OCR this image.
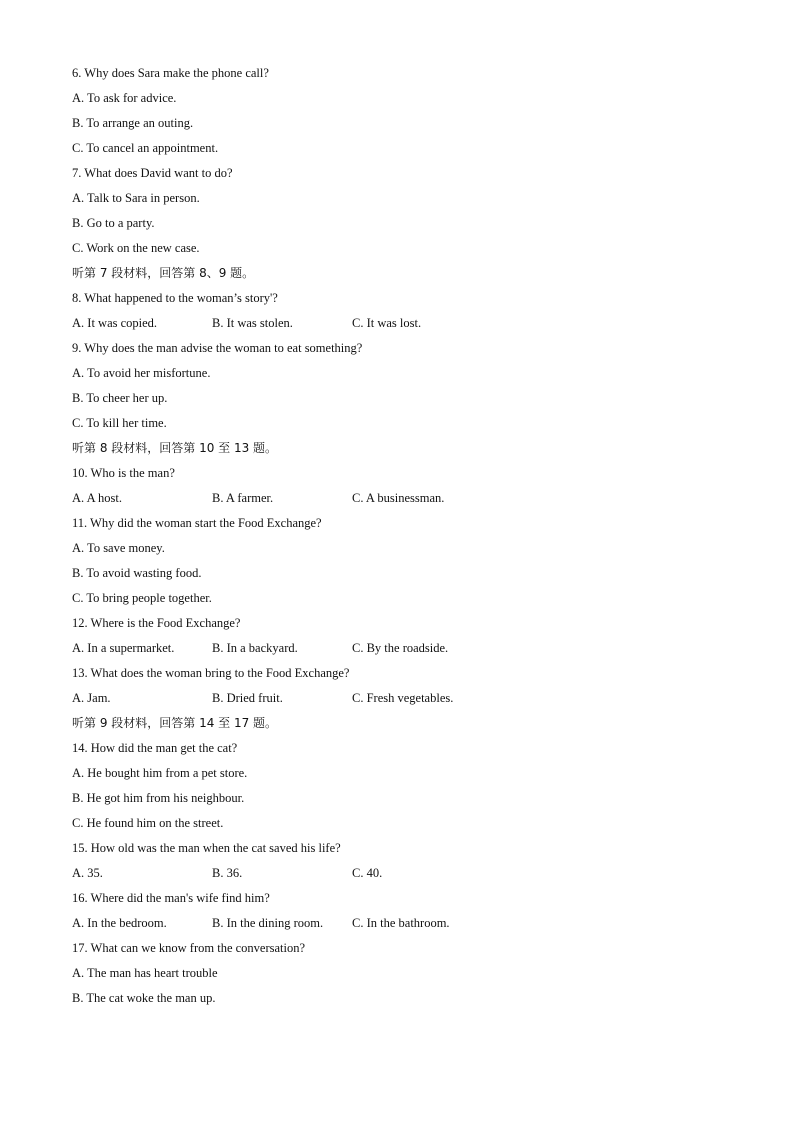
6. Why does Sara make the phone call?
A. To ask for advice.
B. To arrange an outing.
C. To cancel an appointment.
7. What does David want to do?
A. Talk to Sara in person.
B. Go to a party.
C. Work on the new case.
听第 7 段材料，回答第 8、9 题。
8. What happened to the woman’s story'?
A. It was copied.	B. It was stolen.	C. It was lost.
9. Why does the man advise the woman to eat something?
A. To avoid her misfortune.
B. To cheer her up.
C. To kill her time.
听第 8 段材料，回答第 10 至 13 题。
10. Who is the man?
A. A host.	B. A farmer.	C. A businessman.
11. Why did the woman start the Food Exchange?
A. To save money.
B. To avoid wasting food.
C. To bring people together.
12. Where is the Food Exchange?
A. In a supermarket.	B. In a backyard.	C. By the roadside.
13. What does the woman bring to the Food Exchange?
A. Jam.	B. Dried fruit.	C. Fresh vegetables.
听第 9 段材料，回答第 14 至 17 题。
14. How did the man get the cat?
A. He bought him from a pet store.
B. He got him from his neighbour.
C. He found him on the street.
15. How old was the man when the cat saved his life?
A. 35.	B. 36.	C. 40.
16. Where did the man's wife find him?
A. In the bedroom.	B. In the dining room. C. In the bathroom.
17. What can we know from the conversation?
A. The man has heart trouble
B. The cat woke the man up.
